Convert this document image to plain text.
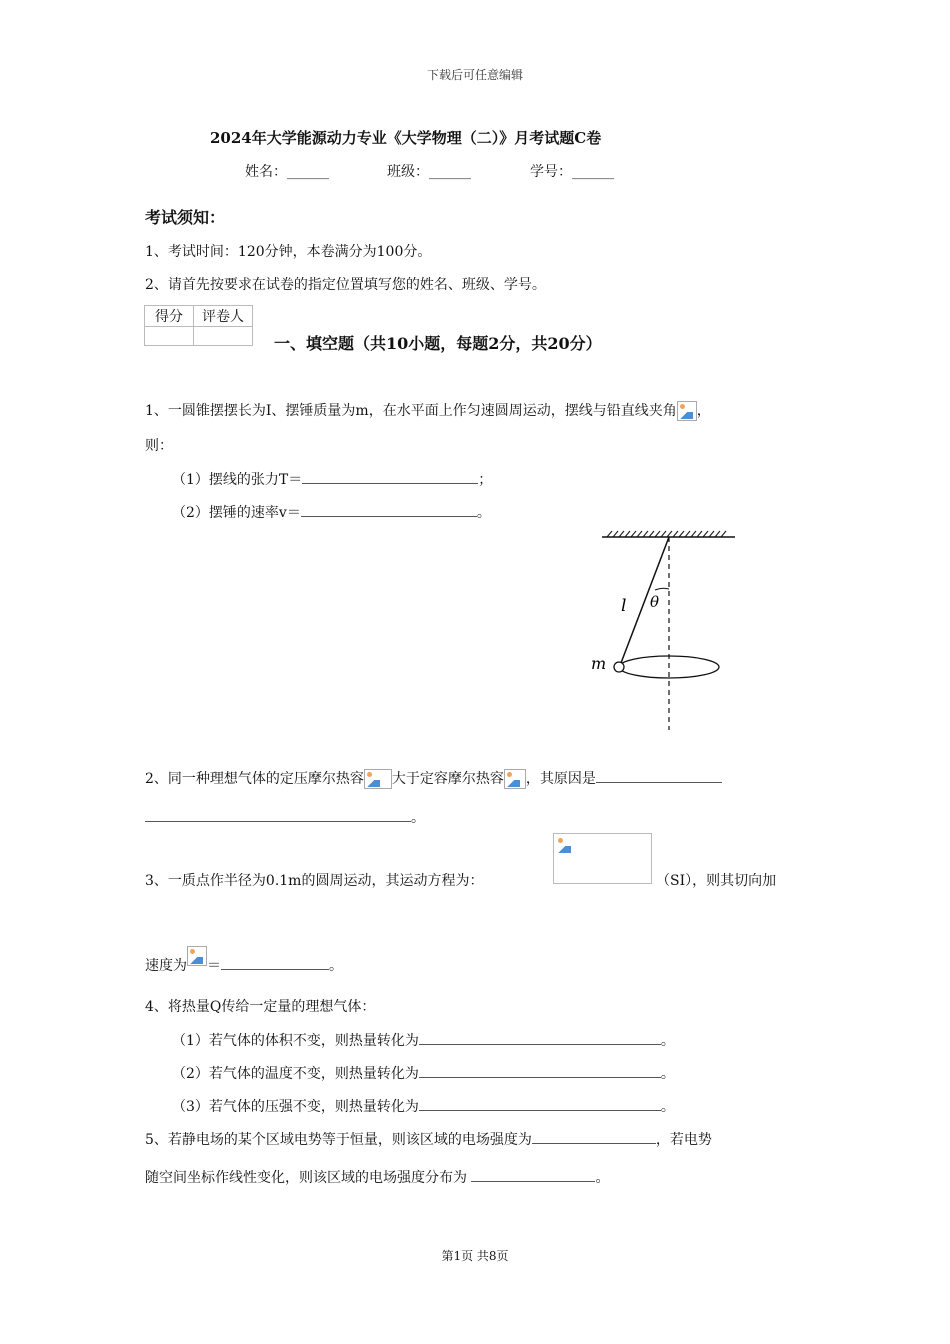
下载后可任意编辑
2024年大学能源动力专业《大学物理（二）》月考试题C卷
姓名：______	班级：______	学号：______
考试须知：
1、考试时间：120分钟，本卷满分为100分。
2、请首先按要求在试卷的指定位置填写您的姓名、班级、学号。
得分	评卷人

一、填空题（共10小题，每题2分，共20分）
1、一圆锥摆摆长为I、摆锤质量为m，在水平面上作匀速圆周运动，摆线与铅直线夹角 ，
则：
（1）摆线的张力T＝	；
（2）摆锤的速率v＝	。
l θ
m
2、同一种理想气体的定压摩尔热容 大于定容摩尔热容 ，其原因是
。
3、一质点作半径为0.1m的圆周运动，其运动方程为：	（SI），则其切向加
速度为 ＝	。
4、将热量Q传给一定量的理想气体：
（1）若气体的体积不变，则热量转化为	。
（2）若气体的温度不变，则热量转化为	。
（3）若气体的压强不变，则热量转化为	。
5、若静电场的某个区域电势等于恒量，则该区域的电场强度为	，若电势
随空间坐标作线性变化，则该区域的电场强度分布为	。
第1页 共8页
